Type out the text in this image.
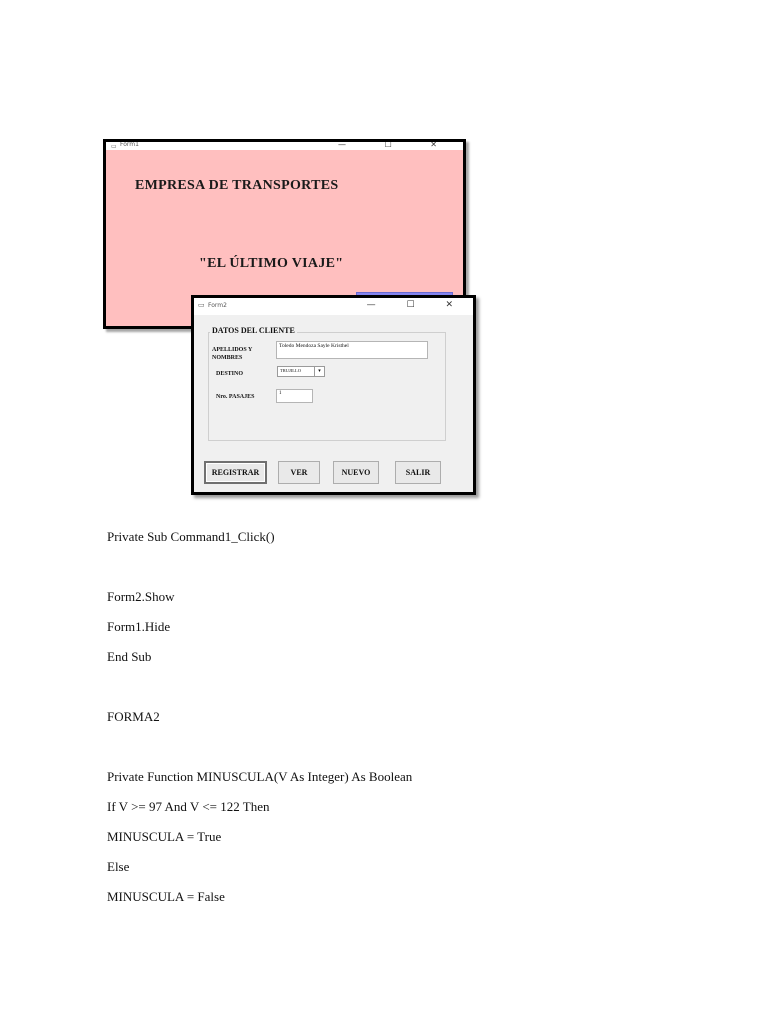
▭ Form1	— ☐ ✕
EMPRESA DE TRANSPORTES
"EL ÚLTIMO VIAJE"
▭ Form2	— ☐ ✕
DATOS DEL CLIENTE
APELLIDOS Y NOMBRES
Toledo Mendoza Sayle Kristhel
DESTINO
TRUJILLO	▾
Nro. PASAJES
1
REGISTRAR	VER	NUEVO	SALIR
Private Sub Command1_Click()
Form2.Show
Form1.Hide
End Sub
FORMA2
Private Function MINUSCULA(V As Integer) As Boolean
If V >= 97 And V <= 122 Then
MINUSCULA = True
Else
MINUSCULA = False
